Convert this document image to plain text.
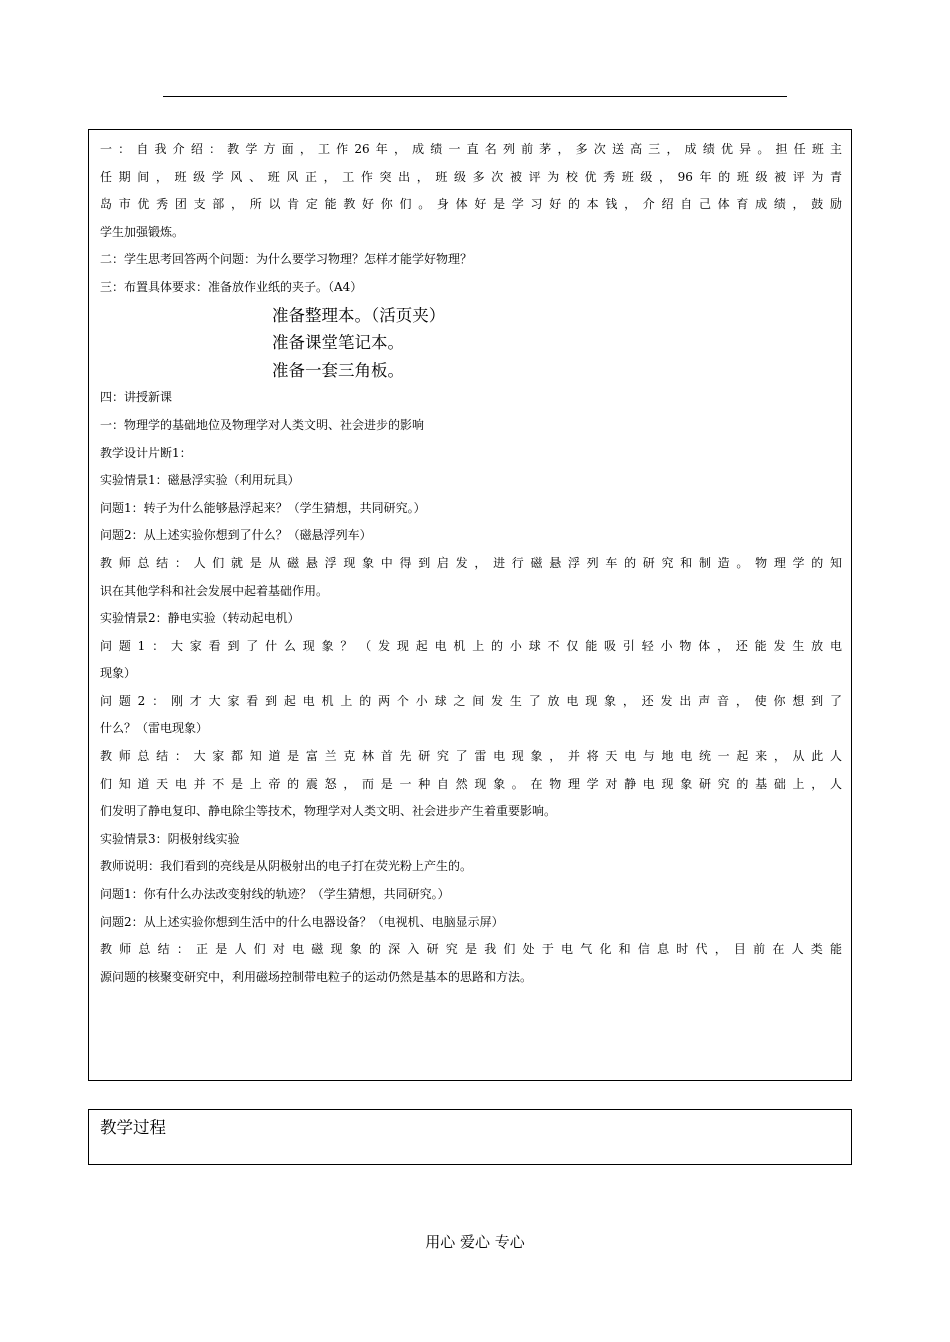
一：自我介绍：教学方面，工作26年，成绩一直名列前茅，多次送高三，成绩优异。担任班主
任期间，班级学风、班风正，工作突出，班级多次被评为校优秀班级，96年的班级被评为青
岛市优秀团支部，所以肯定能教好你们。身体好是学习好的本钱，介绍自己体育成绩，鼓励
学生加强锻炼。
二：学生思考回答两个问题：为什么要学习物理？怎样才能学好物理？
三：布置具体要求：准备放作业纸的夹子。（A4）
准备整理本。（活页夹）
准备课堂笔记本。
准备一套三角板。
四：讲授新课
一：物理学的基础地位及物理学对人类文明、社会进步的影响
教学设计片断1：
实验情景1：磁悬浮实验（利用玩具）
问题1：转子为什么能够悬浮起来？（学生猜想，共同研究。）
问题2：从上述实验你想到了什么？（磁悬浮列车）
教师总结：人们就是从磁悬浮现象中得到启发，进行磁悬浮列车的研究和制造。物理学的知
识在其他学科和社会发展中起着基础作用。
实验情景2：静电实验（转动起电机）
问题1：大家看到了什么现象？（发现起电机上的小球不仅能吸引轻小物体，还能发生放电
现象）
问题2：刚才大家看到起电机上的两个小球之间发生了放电现象，还发出声音，使你想到了
什么？（雷电现象）
教师总结：大家都知道是富兰克林首先研究了雷电现象，并将天电与地电统一起来，从此人
们知道天电并不是上帝的震怒，而是一种自然现象。在物理学对静电现象研究的基础上，人
们发明了静电复印、静电除尘等技术，物理学对人类文明、社会进步产生着重要影响。
实验情景3：阴极射线实验
教师说明：我们看到的亮线是从阴极射出的电子打在荧光粉上产生的。
问题1：你有什么办法改变射线的轨迹？（学生猜想，共同研究。）
问题2：从上述实验你想到生活中的什么电器设备？（电视机、电脑显示屏）
教师总结：正是人们对电磁现象的深入研究是我们处于电气化和信息时代，目前在人类能
源问题的核聚变研究中，利用磁场控制带电粒子的运动仍然是基本的思路和方法。
教学过程
用心 爱心 专心
